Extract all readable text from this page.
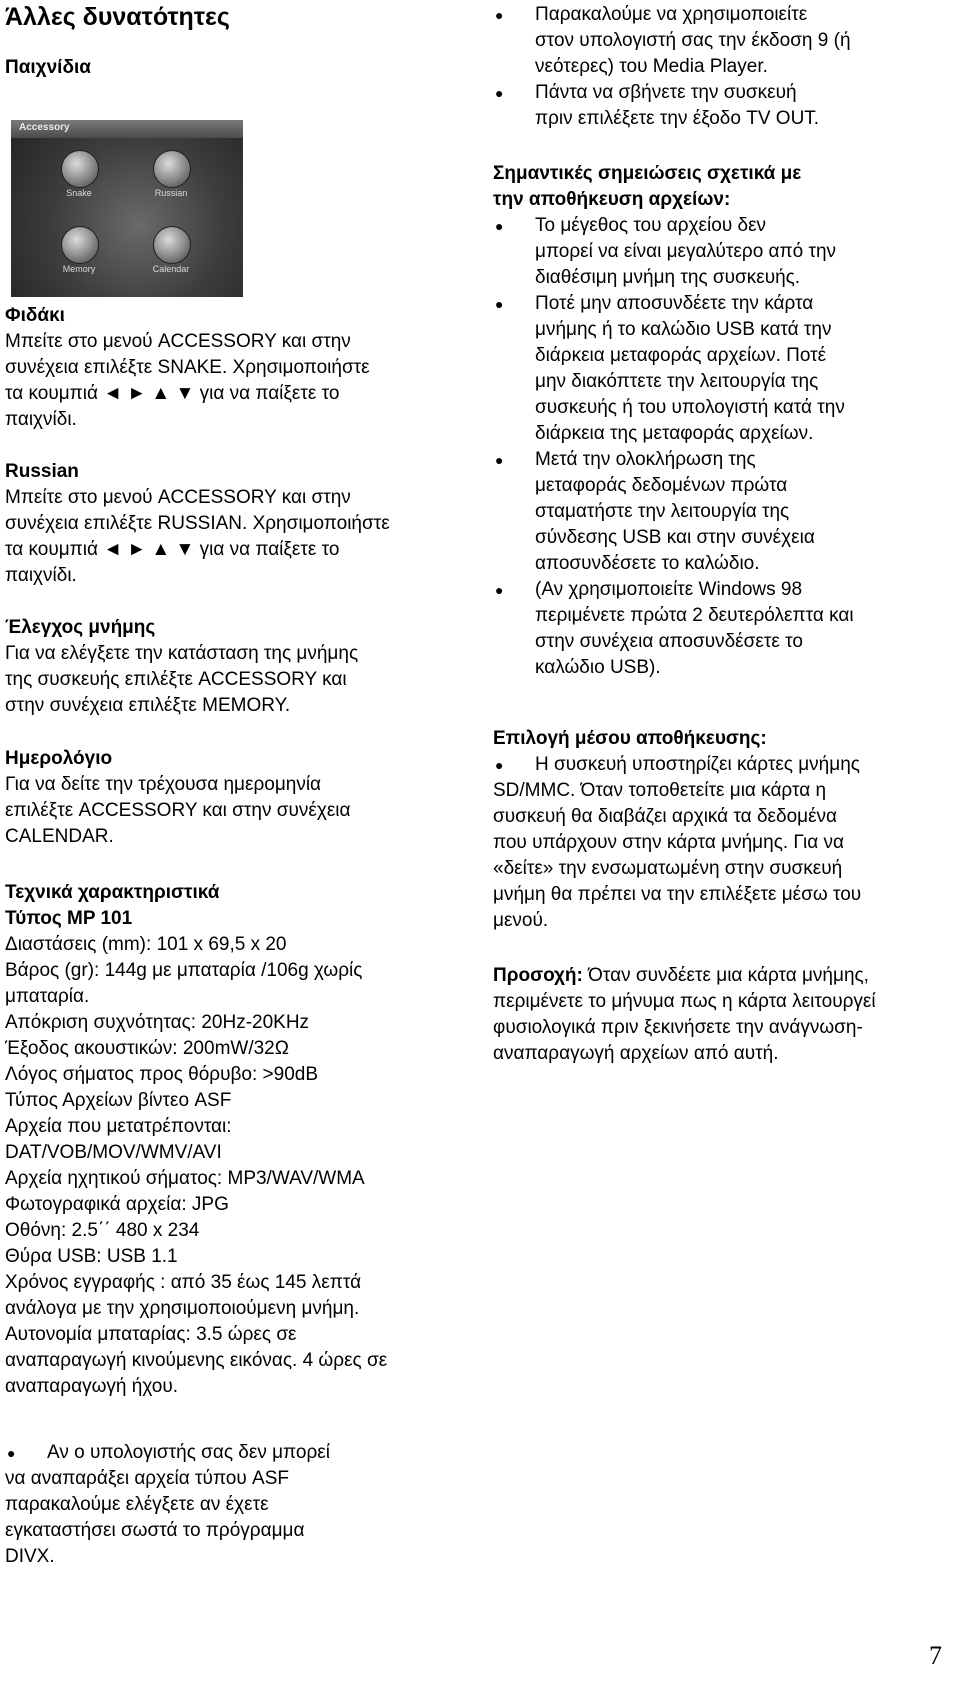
Άλλες δυνατότητες
Παιχνίδια
Accessory
Snake	Russian
Memory	Calendar
Φιδάκι
Μπείτε στο μενού ACCESSORY και στην
συνέχεια επιλέξτε SNAKE. Χρησιμοποιήστε
τα κουμπιά ◄ ► ▲ ▼ για να παίξετε το
παιχνίδι.
Russian
Μπείτε στο μενού ACCESSORY και στην
συνέχεια επιλέξτε RUSSIAN. Χρησιμοποιήστε
τα κουμπιά ◄ ► ▲ ▼ για να παίξετε το
παιχνίδι.
Έλεγχος μνήμης
Για να ελέγξετε την κατάσταση της μνήμης
της συσκευής επιλέξτε ACCESSORY και
στην συνέχεια επιλέξτε MEMORY.
Ημερολόγιο
Για να δείτε την τρέχουσα ημερομηνία
επιλέξτε ACCESSORY και στην συνέχεια
CALENDAR.
Τεχνικά χαρακτηριστικά
Τύπος MP 101
Διαστάσεις (mm): 101 x 69,5 x 20
Βάρος (gr): 144g με μπαταρία /106g χωρίς
μπαταρία.
Απόκριση συχνότητας: 20Hz-20KHz
Έξοδος ακουστικών: 200mW/32Ω
Λόγος σήματος προς θόρυβο: >90dB
Τύπος Αρχείων βίντεο ASF
Αρχεία που μετατρέπονται:
DAT/VOB/MOV/WMV/AVI
Αρχεία ηχητικού σήματος: MP3/WAV/WMA
Φωτογραφικά αρχεία: JPG
Οθόνη: 2.5΄΄ 480 x 234
Θύρα USB: USB 1.1
Χρόνος εγγραφής : από 35 έως 145 λεπτά
ανάλογα με την χρησιμοποιούμενη μνήμη.
Αυτονομία μπαταρίας: 3.5 ώρες σε
αναπαραγωγή κινούμενης εικόνας. 4 ώρες σε
αναπαραγωγή ήχου.
●	Αν ο υπολογιστής σας δεν μπορεί
να αναπαράξει αρχεία τύπου ASF
παρακαλούμε ελέγξετε αν έχετε
εγκαταστήσει σωστά το πρόγραμμα
DIVX.
●	Παρακαλούμε να χρησιμοποιείτε
στον υπολογιστή σας την έκδοση 9 (ή
νεότερες) του Media Player.
●	Πάντα να σβήνετε την συσκευή
πριν επιλέξετε την έξοδο TV OUT.
Σημαντικές σημειώσεις σχετικά με
την αποθήκευση αρχείων:
●	Το μέγεθος του αρχείου δεν
μπορεί να είναι μεγαλύτερο από την
διαθέσιμη μνήμη της συσκευής.
●	Ποτέ μην αποσυνδέετε την κάρτα
μνήμης ή το καλώδιο USB κατά την
διάρκεια μεταφοράς αρχείων. Ποτέ
μην διακόπτετε την λειτουργία της
συσκευής ή του υπολογιστή κατά την
διάρκεια της μεταφοράς αρχείων.
●	Μετά την ολοκλήρωση της
μεταφοράς δεδομένων πρώτα
σταματήστε την λειτουργία της
σύνδεσης USB και στην συνέχεια
αποσυνδέσετε το καλώδιο.
●	(Αν χρησιμοποιείτε Windows 98
περιμένετε πρώτα 2 δευτερόλεπτα και
στην συνέχεια αποσυνδέσετε το
καλώδιο USB).
Επιλογή μέσου αποθήκευσης:
●	Η συσκευή υποστηρίζει κάρτες μνήμης
SD/MMC. Όταν τοποθετείτε μια κάρτα η
συσκευή θα διαβάζει αρχικά τα δεδομένα
που υπάρχουν στην κάρτα μνήμης. Για να
«δείτε» την ενσωματωμένη στην συσκευή
μνήμη θα πρέπει να την επιλέξετε μέσω του
μενού.
Προσοχή: Όταν συνδέετε μια κάρτα μνήμης,
περιμένετε το μήνυμα πως η κάρτα λειτουργεί
φυσιολογικά πριν ξεκινήσετε την ανάγνωση-
αναπαραγωγή αρχείων από αυτή.
7
